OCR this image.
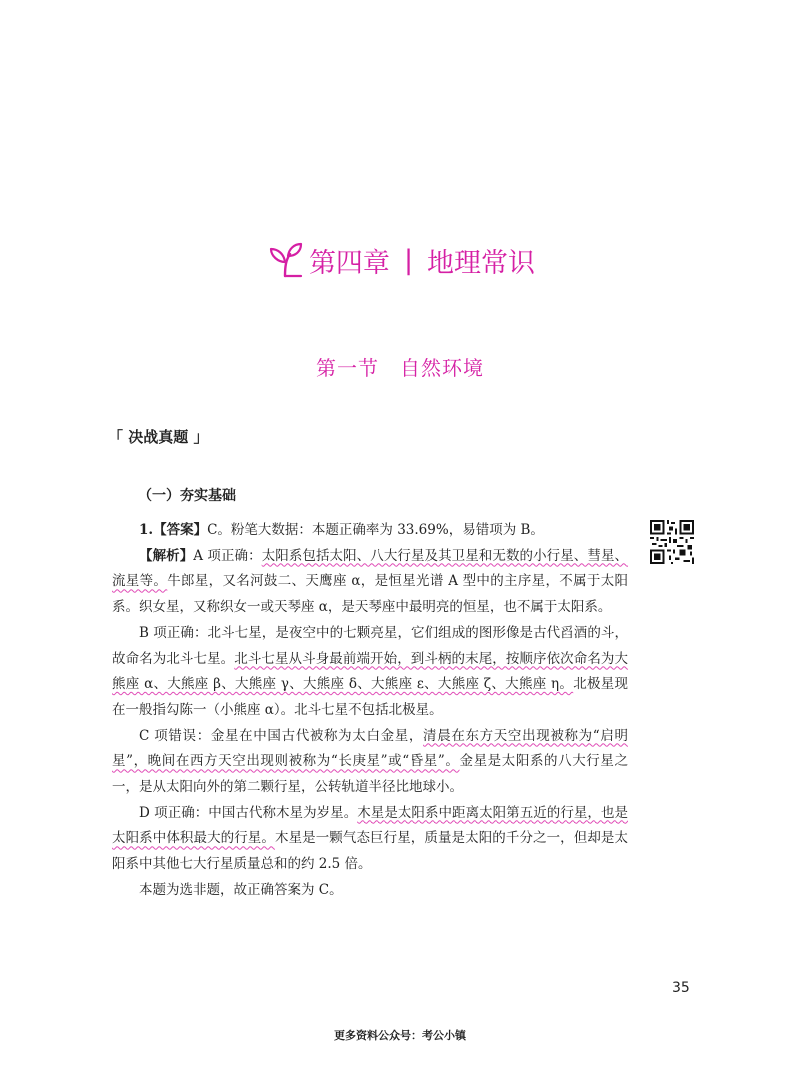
第四章 | 地理常识
第一节　自然环境
「 决战真题 」
（一）夯实基础

1.【答案】C。粉笔大数据：本题正确率为 33.69%，易错项为 B。

【解析】A 项正确：太阳系包括太阳、八大行星及其卫星和无数的小行星、彗星、流星等。牛郎星，又名河鼓二、天鹰座 α，是恒星光谱 A 型中的主序星，不属于太阳系。织女星，又称织女一或天琴座 α，是天琴座中最明亮的恒星，也不属于太阳系。

B 项正确：北斗七星，是夜空中的七颗亮星，它们组成的图形像是古代舀酒的斗，故命名为北斗七星。北斗七星从斗身最前端开始，到斗柄的末尾，按顺序依次命名为大熊座 α、大熊座 β、大熊座 γ、大熊座 δ、大熊座 ε、大熊座 ζ、大熊座 η。北极星现在一般指勾陈一（小熊座 α）。北斗七星不包括北极星。

C 项错误：金星在中国古代被称为太白金星，清晨在东方天空出现被称为“启明星”，晚间在西方天空出现则被称为“长庚星”或“昏星”。金星是太阳系的八大行星之一，是从太阳向外的第二颗行星，公转轨道半径比地球小。

D 项正确：中国古代称木星为岁星。木星是太阳系中距离太阳第五近的行星，也是太阳系中体积最大的行星。木星是一颗气态巨行星，质量是太阳的千分之一，但却是太阳系中其他七大行星质量总和的约 2.5 倍。

本题为选非题，故正确答案为 C。

35
更多资料公众号：考公小镇
